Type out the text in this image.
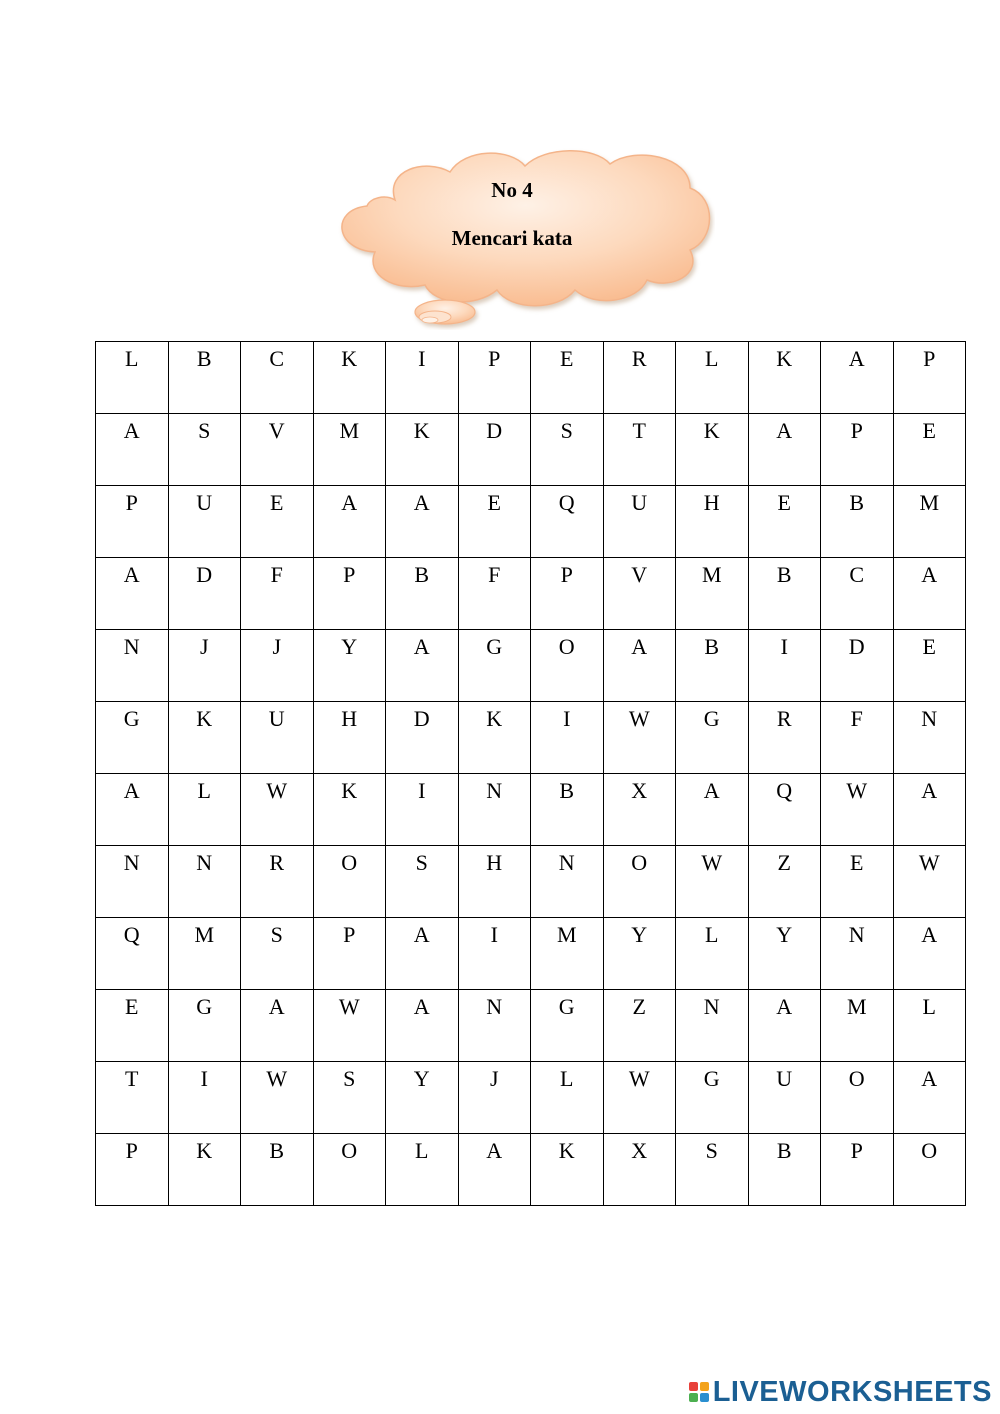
No 4
Mencari kata
L	B	C	K	I	P	E	R	L	K	A	P

A	S	V	M	K	D	S	T	K	A	P	E

P	U	E	A	A	E	Q	U	H	E	B	M

A	D	F	P	B	F	P	V	M	B	C	A

N	J	J	Y	A	G	O	A	B	I	D	E

G	K	U	H	D	K	I	W	G	R	F	N

A	L	W	K	I	N	B	X	A	Q	W	A

N	N	R	O	S	H	N	O	W	Z	E	W

Q	M	S	P	A	I	M	Y	L	Y	N	A

E	G	A	W	A	N	G	Z	N	A	M	L

T	I	W	S	Y	J	L	W	G	U	O	A

P	K	B	O	L	A	K	X	S	B	P	O
LIVEWORKSHEETS
